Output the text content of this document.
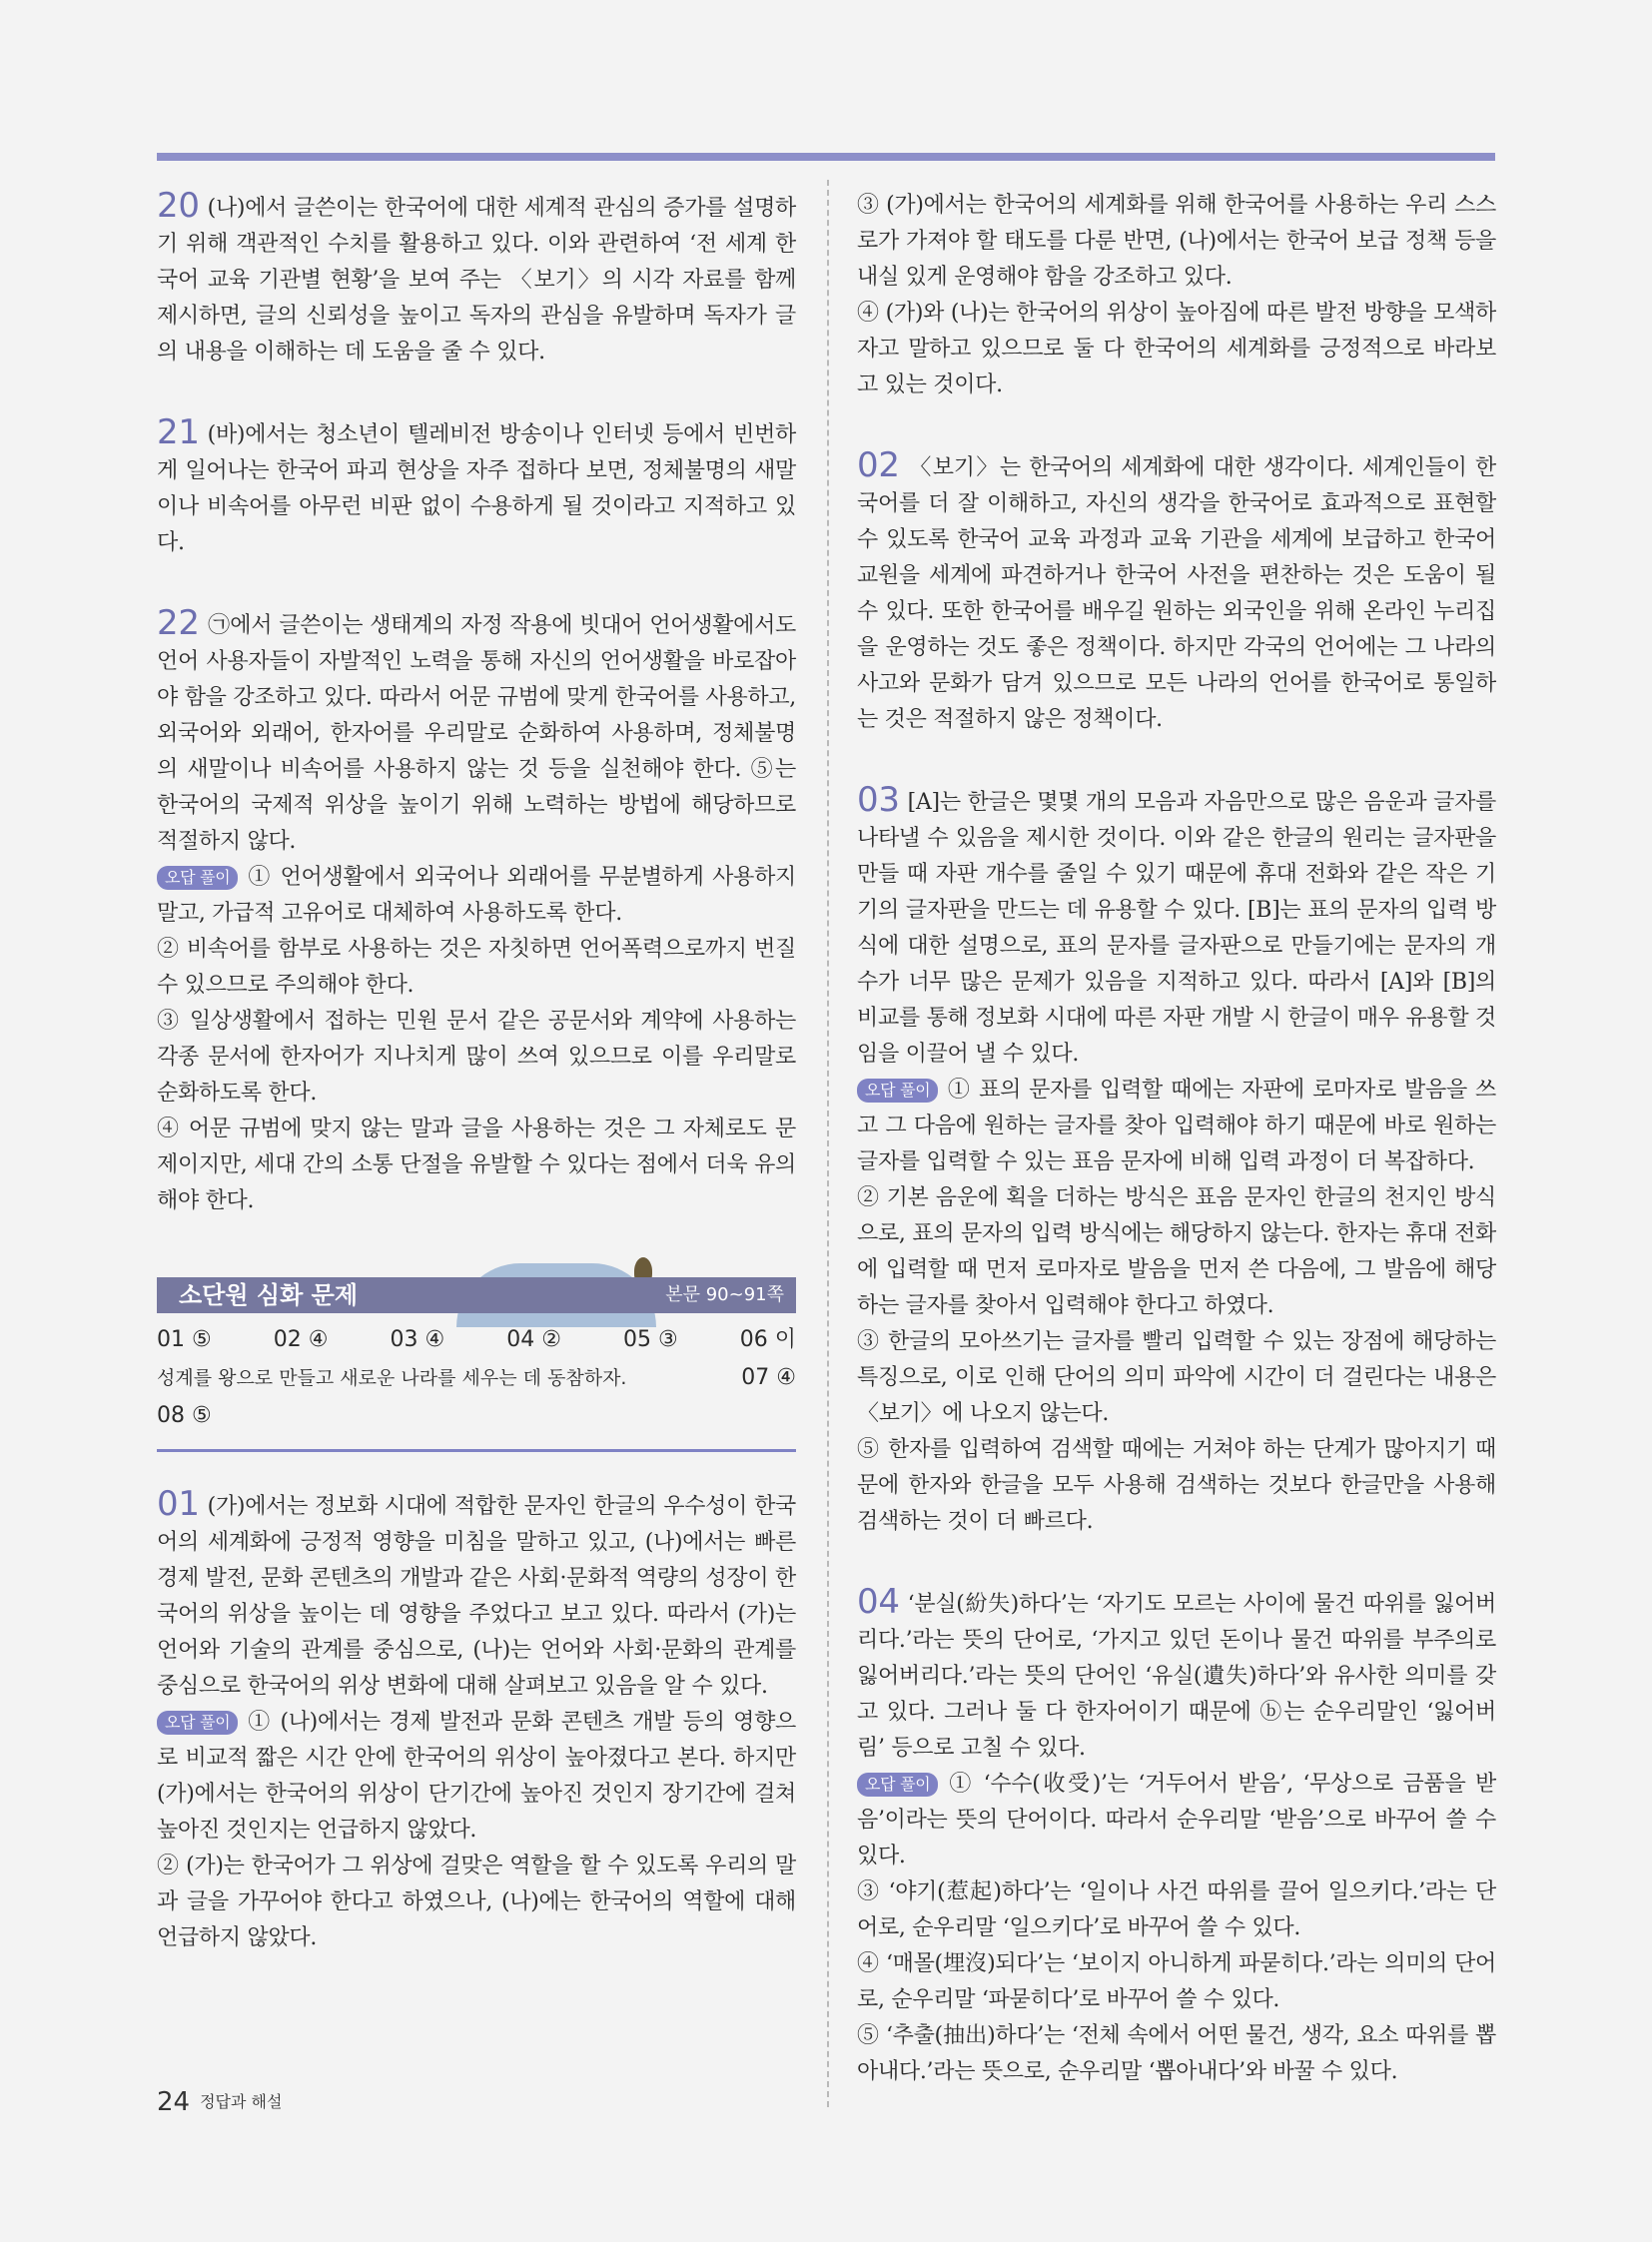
20 (나)에서 글쓴이는 한국어에 대한 세계적 관심의 증가를 설명하기 위해 객관적인 수치를 활용하고 있다. 이와 관련하여 ‘전 세계 한국어 교육 기관별 현황’을 보여 주는 〈보기〉의 시각 자료를 함께 제시하면, 글의 신뢰성을 높이고 독자의 관심을 유발하며 독자가 글의 내용을 이해하는 데 도움을 줄 수 있다.

21 (바)에서는 청소년이 텔레비전 방송이나 인터넷 등에서 빈번하게 일어나는 한국어 파괴 현상을 자주 접하다 보면, 정체불명의 새말이나 비속어를 아무런 비판 없이 수용하게 될 것이라고 지적하고 있다.

22 ㉠에서 글쓴이는 생태계의 자정 작용에 빗대어 언어생활에서도 언어 사용자들이 자발적인 노력을 통해 자신의 언어생활을 바로잡아야 함을 강조하고 있다. 따라서 어문 규범에 맞게 한국어를 사용하고, 외국어와 외래어, 한자어를 우리말로 순화하여 사용하며, 정체불명의 새말이나 비속어를 사용하지 않는 것 등을 실천해야 한다. ⑤는 한국어의 국제적 위상을 높이기 위해 노력하는 방법에 해당하므로 적절하지 않다.

오답 풀이 ① 언어생활에서 외국어나 외래어를 무분별하게 사용하지 말고, 가급적 고유어로 대체하여 사용하도록 한다.

② 비속어를 함부로 사용하는 것은 자칫하면 언어폭력으로까지 번질 수 있으므로 주의해야 한다.

③ 일상생활에서 접하는 민원 문서 같은 공문서와 계약에 사용하는 각종 문서에 한자어가 지나치게 많이 쓰여 있으므로 이를 우리말로 순화하도록 한다.

④ 어문 규범에 맞지 않는 말과 글을 사용하는 것은 그 자체로도 문제이지만, 세대 간의 소통 단절을 유발할 수 있다는 점에서 더욱 유의해야 한다.

소단원 심화 문제	본문 90~91쪽
01 ⑤	02 ④	03 ④	04 ②	05 ③	06 이
성계를 왕으로 만들고 새로운 나라를 세우는 데 동참하자.	07 ④
08 ⑤

01 (가)에서는 정보화 시대에 적합한 문자인 한글의 우수성이 한국어의 세계화에 긍정적 영향을 미침을 말하고 있고, (나)에서는 빠른 경제 발전, 문화 콘텐츠의 개발과 같은 사회·문화적 역량의 성장이 한국어의 위상을 높이는 데 영향을 주었다고 보고 있다. 따라서 (가)는 언어와 기술의 관계를 중심으로, (나)는 언어와 사회·문화의 관계를 중심으로 한국어의 위상 변화에 대해 살펴보고 있음을 알 수 있다.

오답 풀이 ① (나)에서는 경제 발전과 문화 콘텐츠 개발 등의 영향으로 비교적 짧은 시간 안에 한국어의 위상이 높아졌다고 본다. 하지만 (가)에서는 한국어의 위상이 단기간에 높아진 것인지 장기간에 걸쳐 높아진 것인지는 언급하지 않았다.

② (가)는 한국어가 그 위상에 걸맞은 역할을 할 수 있도록 우리의 말과 글을 가꾸어야 한다고 하였으나, (나)에는 한국어의 역할에 대해 언급하지 않았다.

③ (가)에서는 한국어의 세계화를 위해 한국어를 사용하는 우리 스스로가 가져야 할 태도를 다룬 반면, (나)에서는 한국어 보급 정책 등을 내실 있게 운영해야 함을 강조하고 있다.

④ (가)와 (나)는 한국어의 위상이 높아짐에 따른 발전 방향을 모색하자고 말하고 있으므로 둘 다 한국어의 세계화를 긍정적으로 바라보고 있는 것이다.

02 〈보기〉는 한국어의 세계화에 대한 생각이다. 세계인들이 한국어를 더 잘 이해하고, 자신의 생각을 한국어로 효과적으로 표현할 수 있도록 한국어 교육 과정과 교육 기관을 세계에 보급하고 한국어 교원을 세계에 파견하거나 한국어 사전을 편찬하는 것은 도움이 될 수 있다. 또한 한국어를 배우길 원하는 외국인을 위해 온라인 누리집을 운영하는 것도 좋은 정책이다. 하지만 각국의 언어에는 그 나라의 사고와 문화가 담겨 있으므로 모든 나라의 언어를 한국어로 통일하는 것은 적절하지 않은 정책이다.

03 [A]는 한글은 몇몇 개의 모음과 자음만으로 많은 음운과 글자를 나타낼 수 있음을 제시한 것이다. 이와 같은 한글의 원리는 글자판을 만들 때 자판 개수를 줄일 수 있기 때문에 휴대 전화와 같은 작은 기기의 글자판을 만드는 데 유용할 수 있다. [B]는 표의 문자의 입력 방식에 대한 설명으로, 표의 문자를 글자판으로 만들기에는 문자의 개수가 너무 많은 문제가 있음을 지적하고 있다. 따라서 [A]와 [B]의 비교를 통해 정보화 시대에 따른 자판 개발 시 한글이 매우 유용할 것임을 이끌어 낼 수 있다.

오답 풀이 ① 표의 문자를 입력할 때에는 자판에 로마자로 발음을 쓰고 그 다음에 원하는 글자를 찾아 입력해야 하기 때문에 바로 원하는 글자를 입력할 수 있는 표음 문자에 비해 입력 과정이 더 복잡하다.

② 기본 음운에 획을 더하는 방식은 표음 문자인 한글의 천지인 방식으로, 표의 문자의 입력 방식에는 해당하지 않는다. 한자는 휴대 전화에 입력할 때 먼저 로마자로 발음을 먼저 쓴 다음에, 그 발음에 해당하는 글자를 찾아서 입력해야 한다고 하였다.

③ 한글의 모아쓰기는 글자를 빨리 입력할 수 있는 장점에 해당하는 특징으로, 이로 인해 단어의 의미 파악에 시간이 더 걸린다는 내용은 〈보기〉에 나오지 않는다.

⑤ 한자를 입력하여 검색할 때에는 거쳐야 하는 단계가 많아지기 때문에 한자와 한글을 모두 사용해 검색하는 것보다 한글만을 사용해 검색하는 것이 더 빠르다.

04 ‘분실(紛失)하다’는 ‘자기도 모르는 사이에 물건 따위를 잃어버리다.’라는 뜻의 단어로, ‘가지고 있던 돈이나 물건 따위를 부주의로 잃어버리다.’라는 뜻의 단어인 ‘유실(遺失)하다’와 유사한 의미를 갖고 있다. 그러나 둘 다 한자어이기 때문에 ⓑ는 순우리말인 ‘잃어버림’ 등으로 고칠 수 있다.

오답 풀이 ① ‘수수(收受)’는 ‘거두어서 받음’, ‘무상으로 금품을 받음’이라는 뜻의 단어이다. 따라서 순우리말 ‘받음’으로 바꾸어 쓸 수 있다.

③ ‘야기(惹起)하다’는 ‘일이나 사건 따위를 끌어 일으키다.’라는 단어로, 순우리말 ‘일으키다’로 바꾸어 쓸 수 있다.

④ ‘매몰(埋沒)되다’는 ‘보이지 아니하게 파묻히다.’라는 의미의 단어로, 순우리말 ‘파묻히다’로 바꾸어 쓸 수 있다.

⑤ ‘추출(抽出)하다’는 ‘전체 속에서 어떤 물건, 생각, 요소 따위를 뽑아내다.’라는 뜻으로, 순우리말 ‘뽑아내다’와 바꿀 수 있다.

24 정답과 해설
